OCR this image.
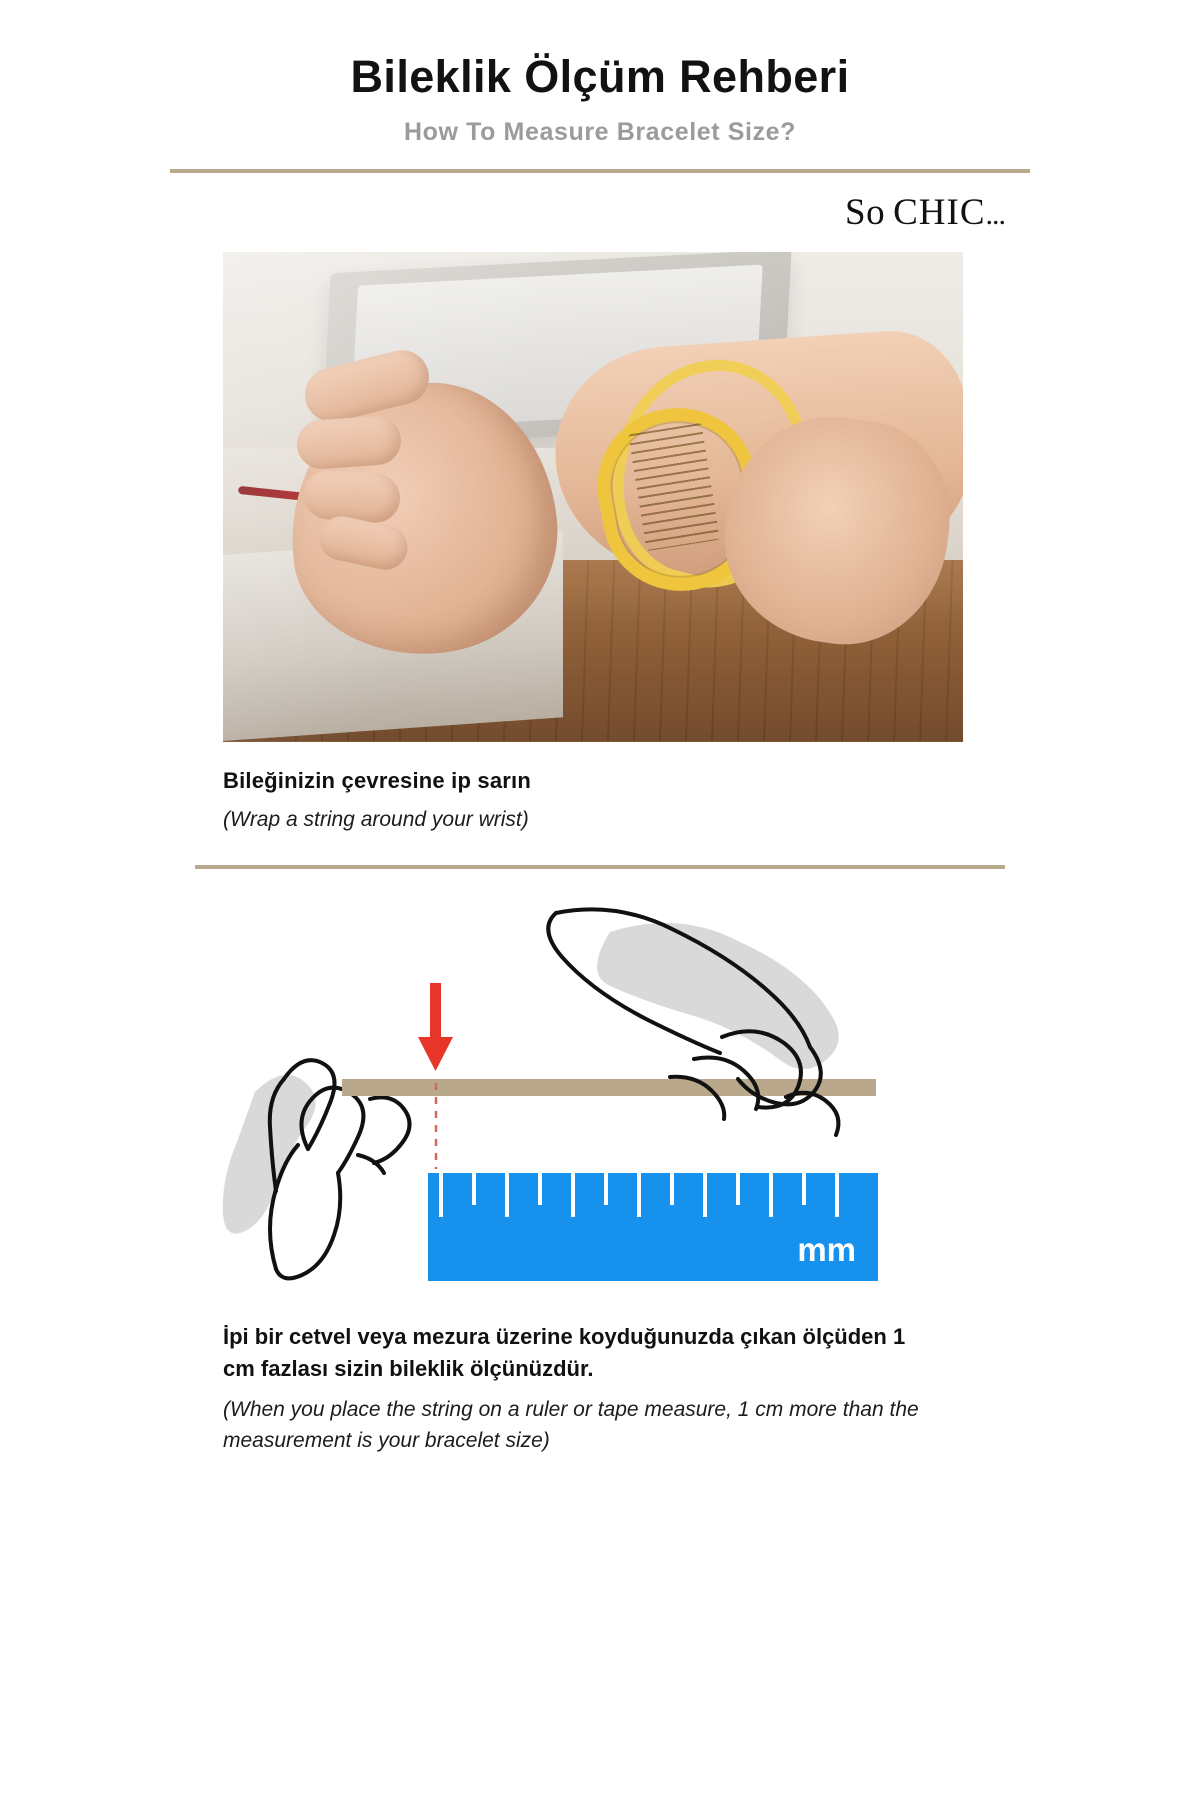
Bileklik Ölçüm Rehberi
How To Measure Bracelet Size?
So CHIC...
Bileğinizin çevresine ip sarın
(Wrap a string around your wrist)
mm
İpi bir cetvel veya mezura üzerine koyduğunuzda çıkan ölçüden 1 cm fazlası sizin bileklik ölçünüzdür.
(When you place the string on a ruler or tape measure, 1 cm more than the measurement is your bracelet size)
